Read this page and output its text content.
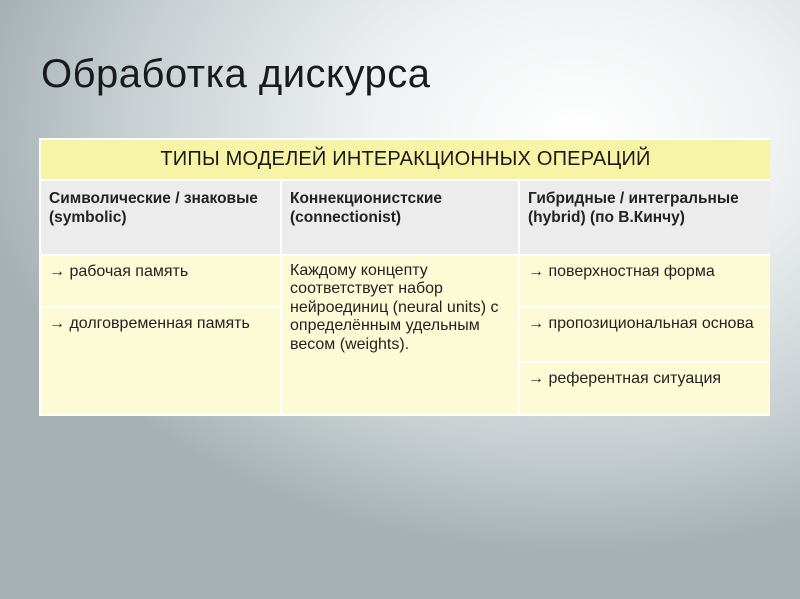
Обработка дискурса
ТИПЫ МОДЕЛЕЙ ИНТЕРАКЦИОННЫХ ОПЕРАЦИЙ		
Символические / знаковые (symbolic)	Коннекционистские (connectionist)	Гибридные / интегральные (hybrid) (по В.Кинчу)
→ рабочая память	Каждому концепту соответствует набор нейроединиц (neural units) с определённым удельным весом (weights).	→ поверхностная форма
→ долговременная память		→ пропозициональная основа
		→ референтная ситуация
